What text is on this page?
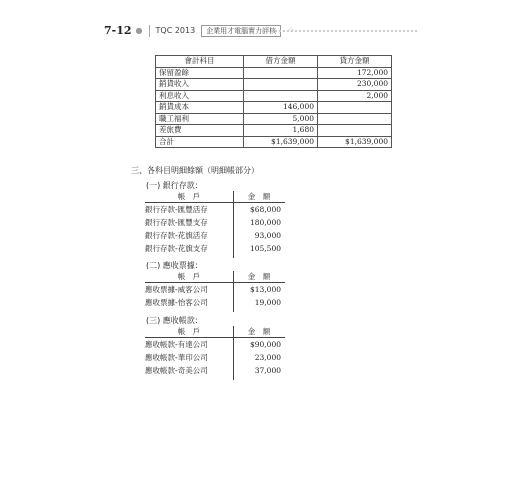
7-12 ● TQC 2013	企業用才電腦實力評核	⁘
會計科目	借方金額	貸方金額
保留盈餘		172,000
銷貨收入		230,000
利息收入		2,000
銷貨成本	146,000	
職工福利	5,000	
差旅費	1,680	
合計	$1,639,000	$1,639,000
三、各科目明細餘額（明細帳部分）
(一) 銀行存款：
帳　戶	金　額
銀行存款-匯豐活存	$68,000
銀行存款-匯豐支存	180,000
銀行存款-花旗活存	93,000
銀行存款-花旗支存	105,500
(二) 應收票據：
帳　戶	金　額
應收票據-威客公司	$13,000
應收票據-怡客公司	19,000
(三) 應收帳款：
帳　戶	金　額
應收帳款-有達公司	$90,000
應收帳款-華印公司	23,000
應收帳款-奇美公司	37,000
